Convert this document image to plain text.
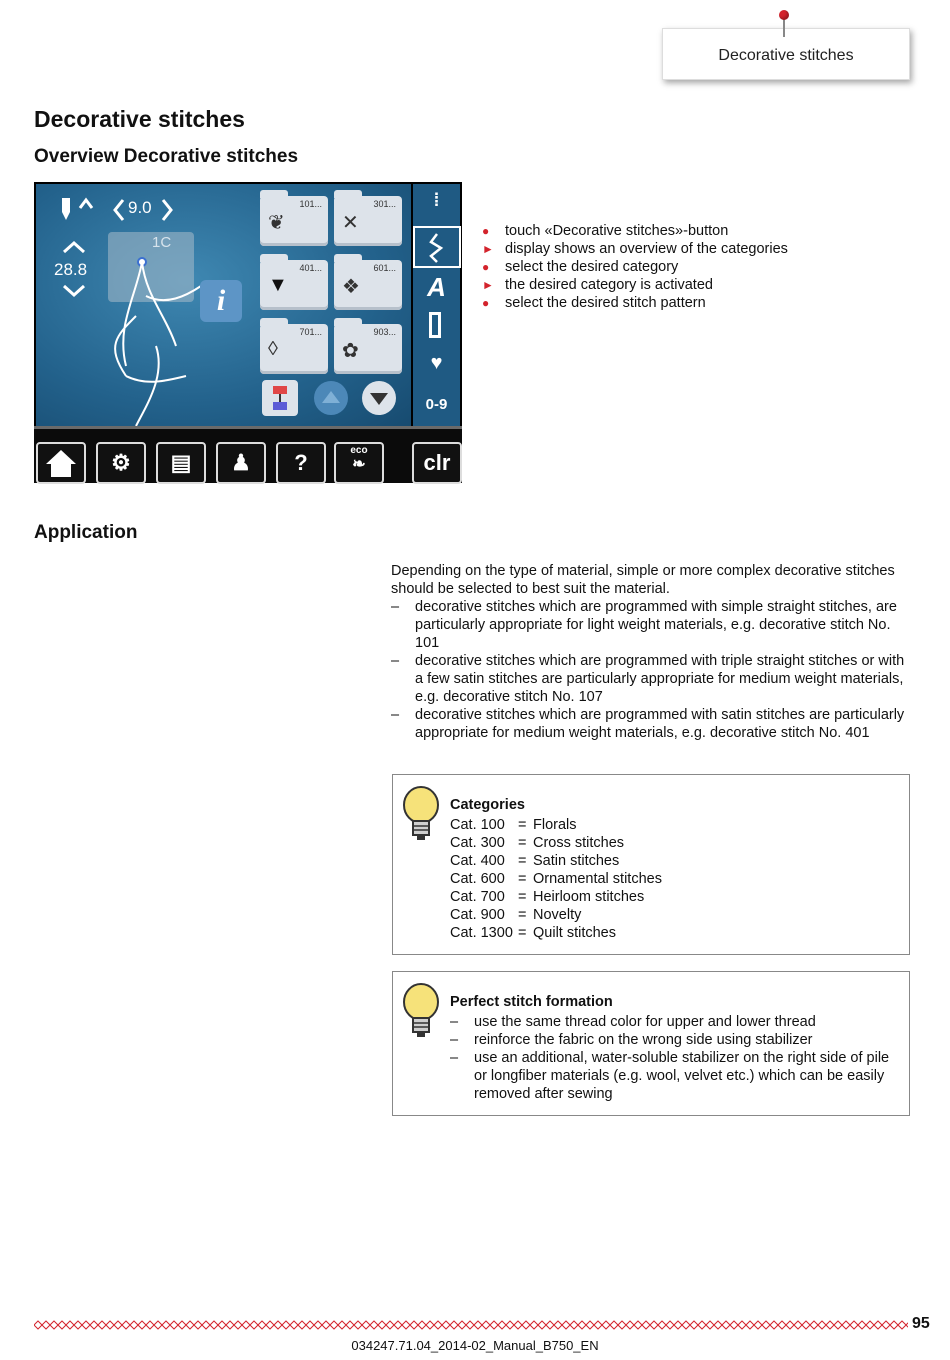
Decorative stitches
Decorative stitches
Overview Decorative stitches
9.0
28.8
1C
i
101...
❦
301...
✕
401...
▼
601...
❖
701...
◊
903...
✿
⁞
A
♥
0-9
⚙	▤	♟	?	eco
❧	clr
● touch «Decorative stitches»-button
► display shows an overview of the categories
● select the desired category
► the desired category is activated
● select the desired stitch pattern
Application
Depending on the type of material, simple or more complex decorative stitches should be selected to best suit the material.
– decorative stitches which are programmed with simple straight stitches, are particularly appropriate for light weight materials, e.g. decorative stitch No. 101
– decorative stitches which are programmed with triple straight stitches or with a few satin stitches are particularly appropriate for medium weight materials, e.g. decorative stitch No. 107
– decorative stitches which are programmed with satin stitches are particularly appropriate for medium weight materials, e.g. decorative stitch No. 401
Categories
Cat. 100	=	Florals
Cat. 300	=	Cross stitches
Cat. 400	=	Satin stitches
Cat. 600	=	Ornamental stitches
Cat. 700	=	Heirloom stitches
Cat. 900	=	Novelty
Cat. 1300	=	Quilt stitches
Perfect stitch formation
– use the same thread color for upper and lower thread
– reinforce the fabric on the wrong side using stabilizer
– use an additional, water-soluble stabilizer on the right side of pile or longfiber materials (e.g. wool, velvet etc.) which can be easily removed after sewing
95
034247.71.04_2014-02_Manual_B750_EN
